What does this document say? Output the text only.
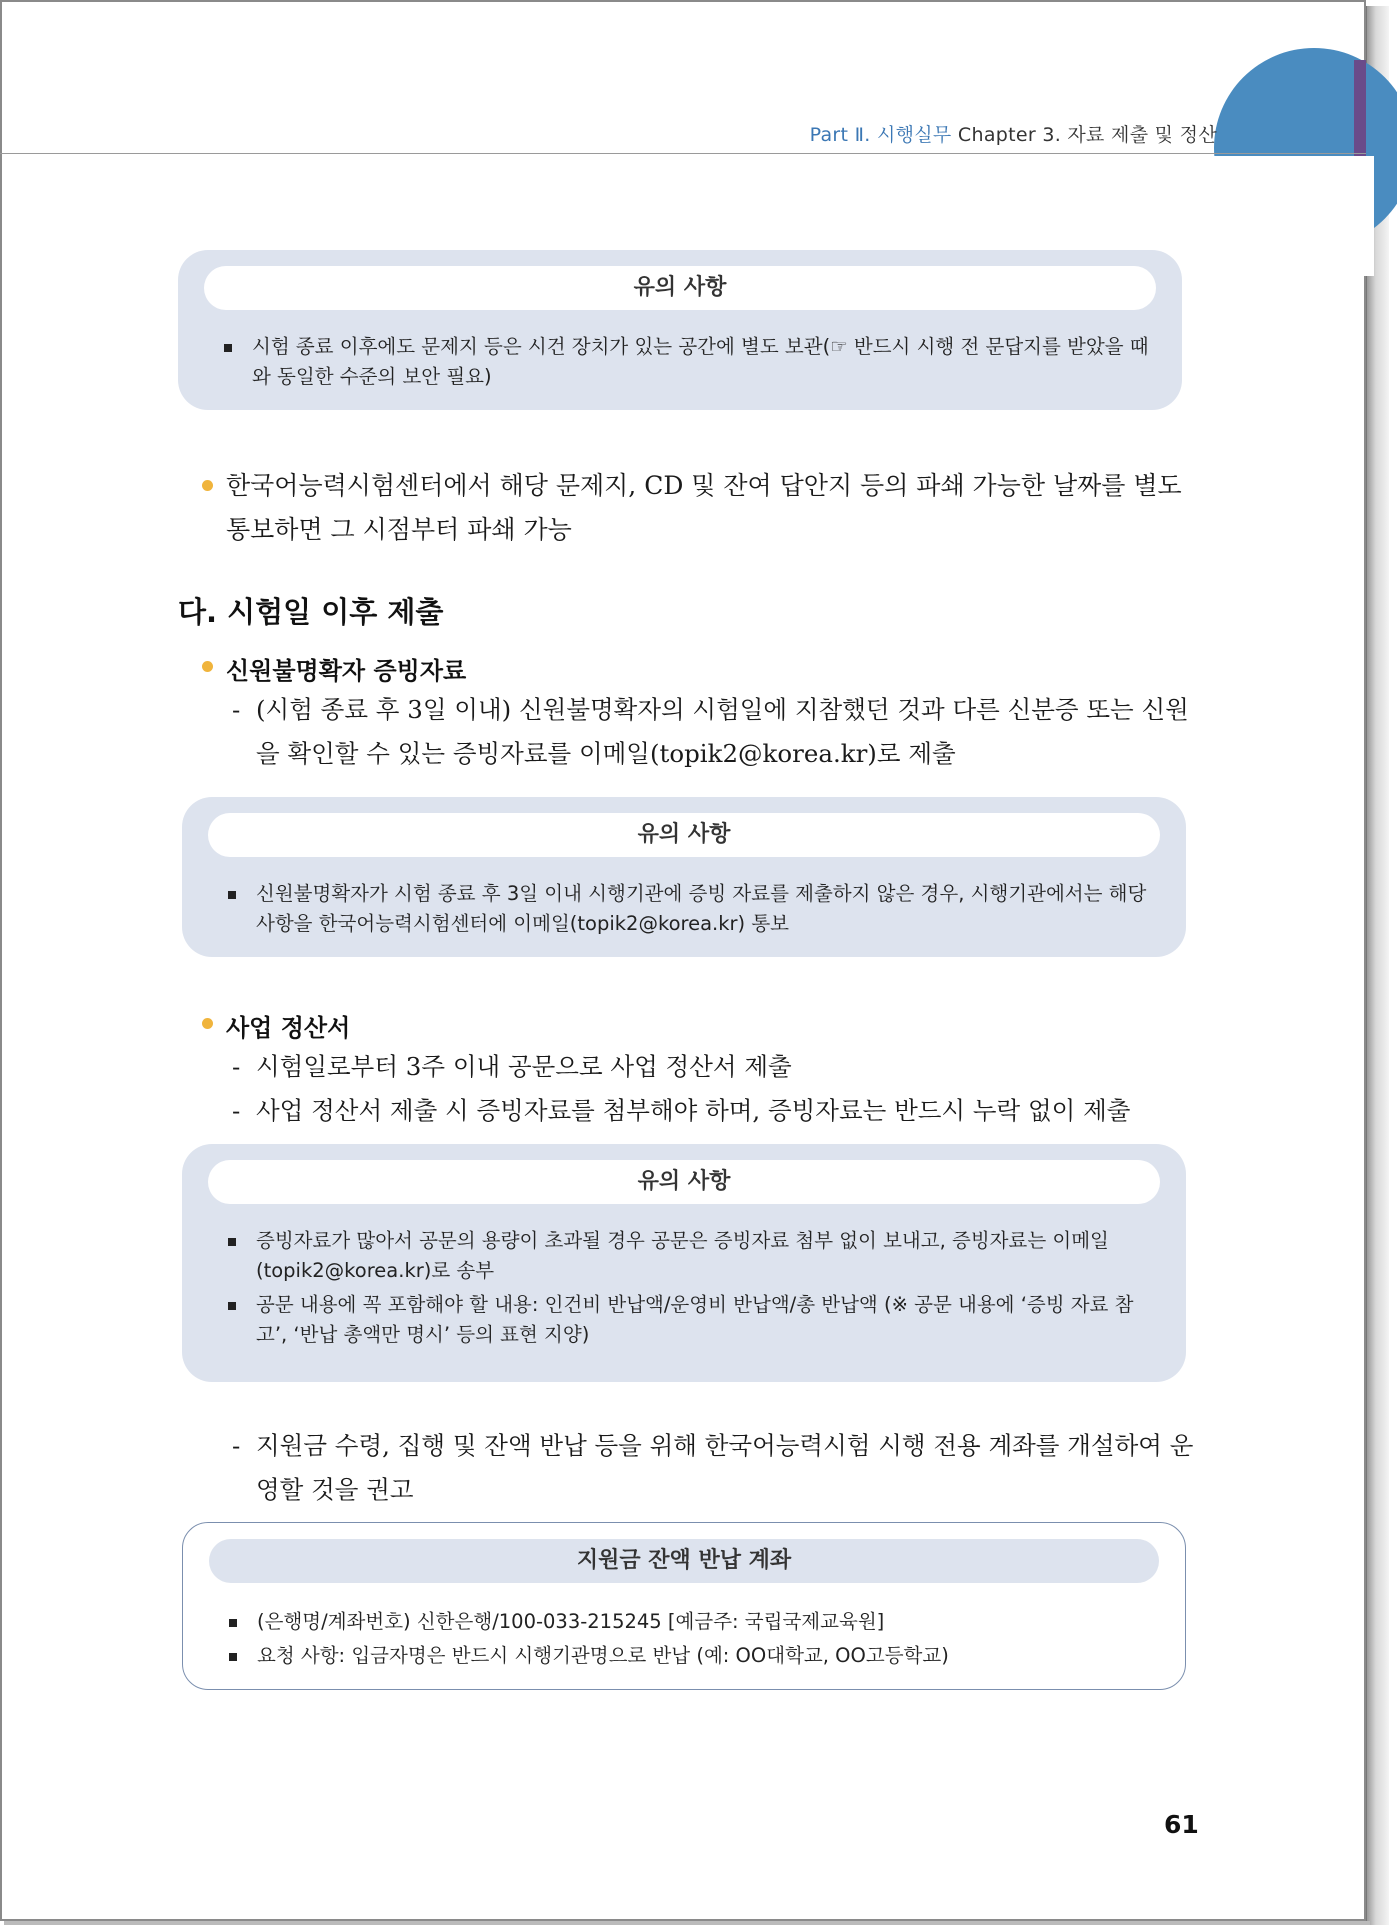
Part Ⅱ. 시행실무 Chapter 3. 자료 제출 및 정산
유의 사항
시험 종료 이후에도 문제지 등은 시건 장치가 있는 공간에 별도 보관(☞ 반드시 시행 전 문답지를 받았을 때와 동일한 수준의 보안 필요)
한국어능력시험센터에서 해당 문제지, CD 및 잔여 답안지 등의 파쇄 가능한 날짜를 별도 통보하면 그 시점부터 파쇄 가능
다. 시험일 이후 제출
신원불명확자 증빙자료
- (시험 종료 후 3일 이내) 신원불명확자의 시험일에 지참했던 것과 다른 신분증 또는 신원을 확인할 수 있는 증빙자료를 이메일(topik2@korea.kr)로 제출
유의 사항
신원불명확자가 시험 종료 후 3일 이내 시행기관에 증빙 자료를 제출하지 않은 경우, 시행기관에서는 해당 사항을 한국어능력시험센터에 이메일(topik2@korea.kr) 통보
사업 정산서
- 시험일로부터 3주 이내 공문으로 사업 정산서 제출
- 사업 정산서 제출 시 증빙자료를 첨부해야 하며, 증빙자료는 반드시 누락 없이 제출
유의 사항
증빙자료가 많아서 공문의 용량이 초과될 경우 공문은 증빙자료 첨부 없이 보내고, 증빙자료는 이메일(topik2@korea.kr)로 송부
공문 내용에 꼭 포함해야 할 내용: 인건비 반납액/운영비 반납액/총 반납액 (※ 공문 내용에 ‘증빙 자료 참고’, ‘반납 총액만 명시’ 등의 표현 지양)
- 지원금 수령, 집행 및 잔액 반납 등을 위해 한국어능력시험 시행 전용 계좌를 개설하여 운영할 것을 권고
지원금 잔액 반납 계좌
(은행명/계좌번호) 신한은행/100-033-215245 [예금주: 국립국제교육원]
요청 사항: 입금자명은 반드시 시행기관명으로 반납 (예: OO대학교, OO고등학교)
61
